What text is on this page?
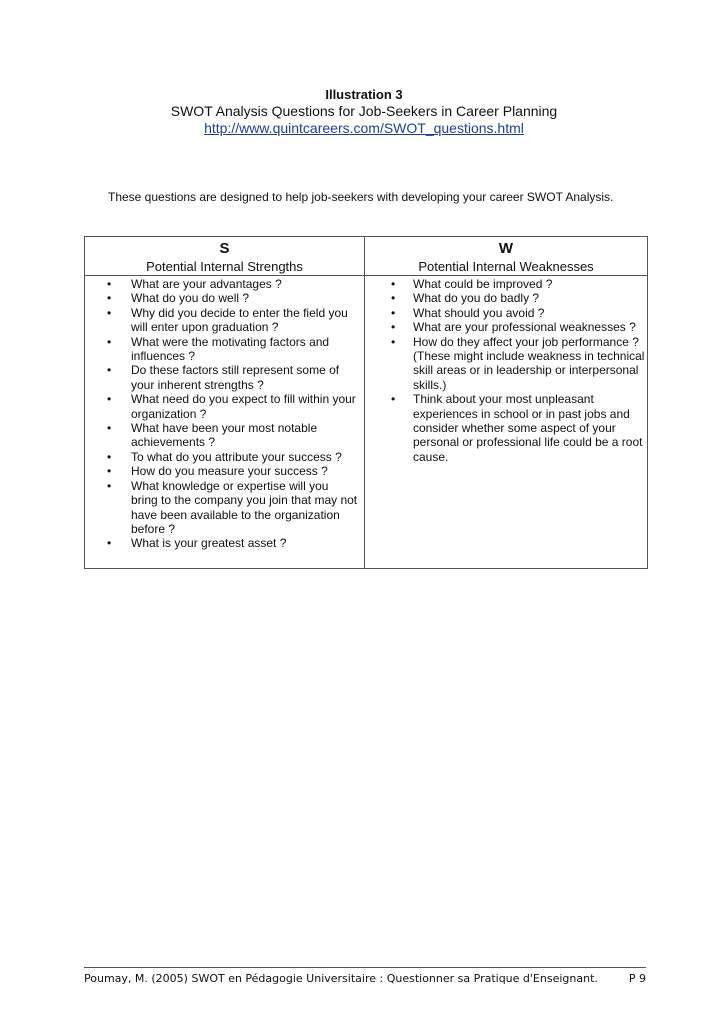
Illustration 3
SWOT Analysis Questions for Job-Seekers in Career Planning
http://www.quintcareers.com/SWOT_questions.html
These questions are designed to help job-seekers with developing your career SWOT Analysis.
S
Potential Internal Strengths
• What are your advantages ?
• What do you do well ?
• Why did you decide to enter the field you will enter upon graduation ?
• What were the motivating factors and influences ?
• Do these factors still represent some of your inherent strengths ?
• What need do you expect to fill within your organization ?
• What have been your most notable achievements ?
• To what do you attribute your success ?
• How do you measure your success ?
• What knowledge or expertise will you bring to the company you join that may not have been available to the organization before ?
• What is your greatest asset ?
W
Potential Internal Weaknesses
• What could be improved ?
• What do you do badly ?
• What should you avoid ?
• What are your professional weaknesses ?
• How do they affect your job performance ? (These might include weakness in technical skill areas or in leadership or interpersonal skills.)
• Think about your most unpleasant experiences in school or in past jobs and consider whether some aspect of your personal or professional life could be a root cause.
Poumay, M. (2005) SWOT en Pédagogie Universitaire : Questionner sa Pratique d'Enseignant.	P 9
